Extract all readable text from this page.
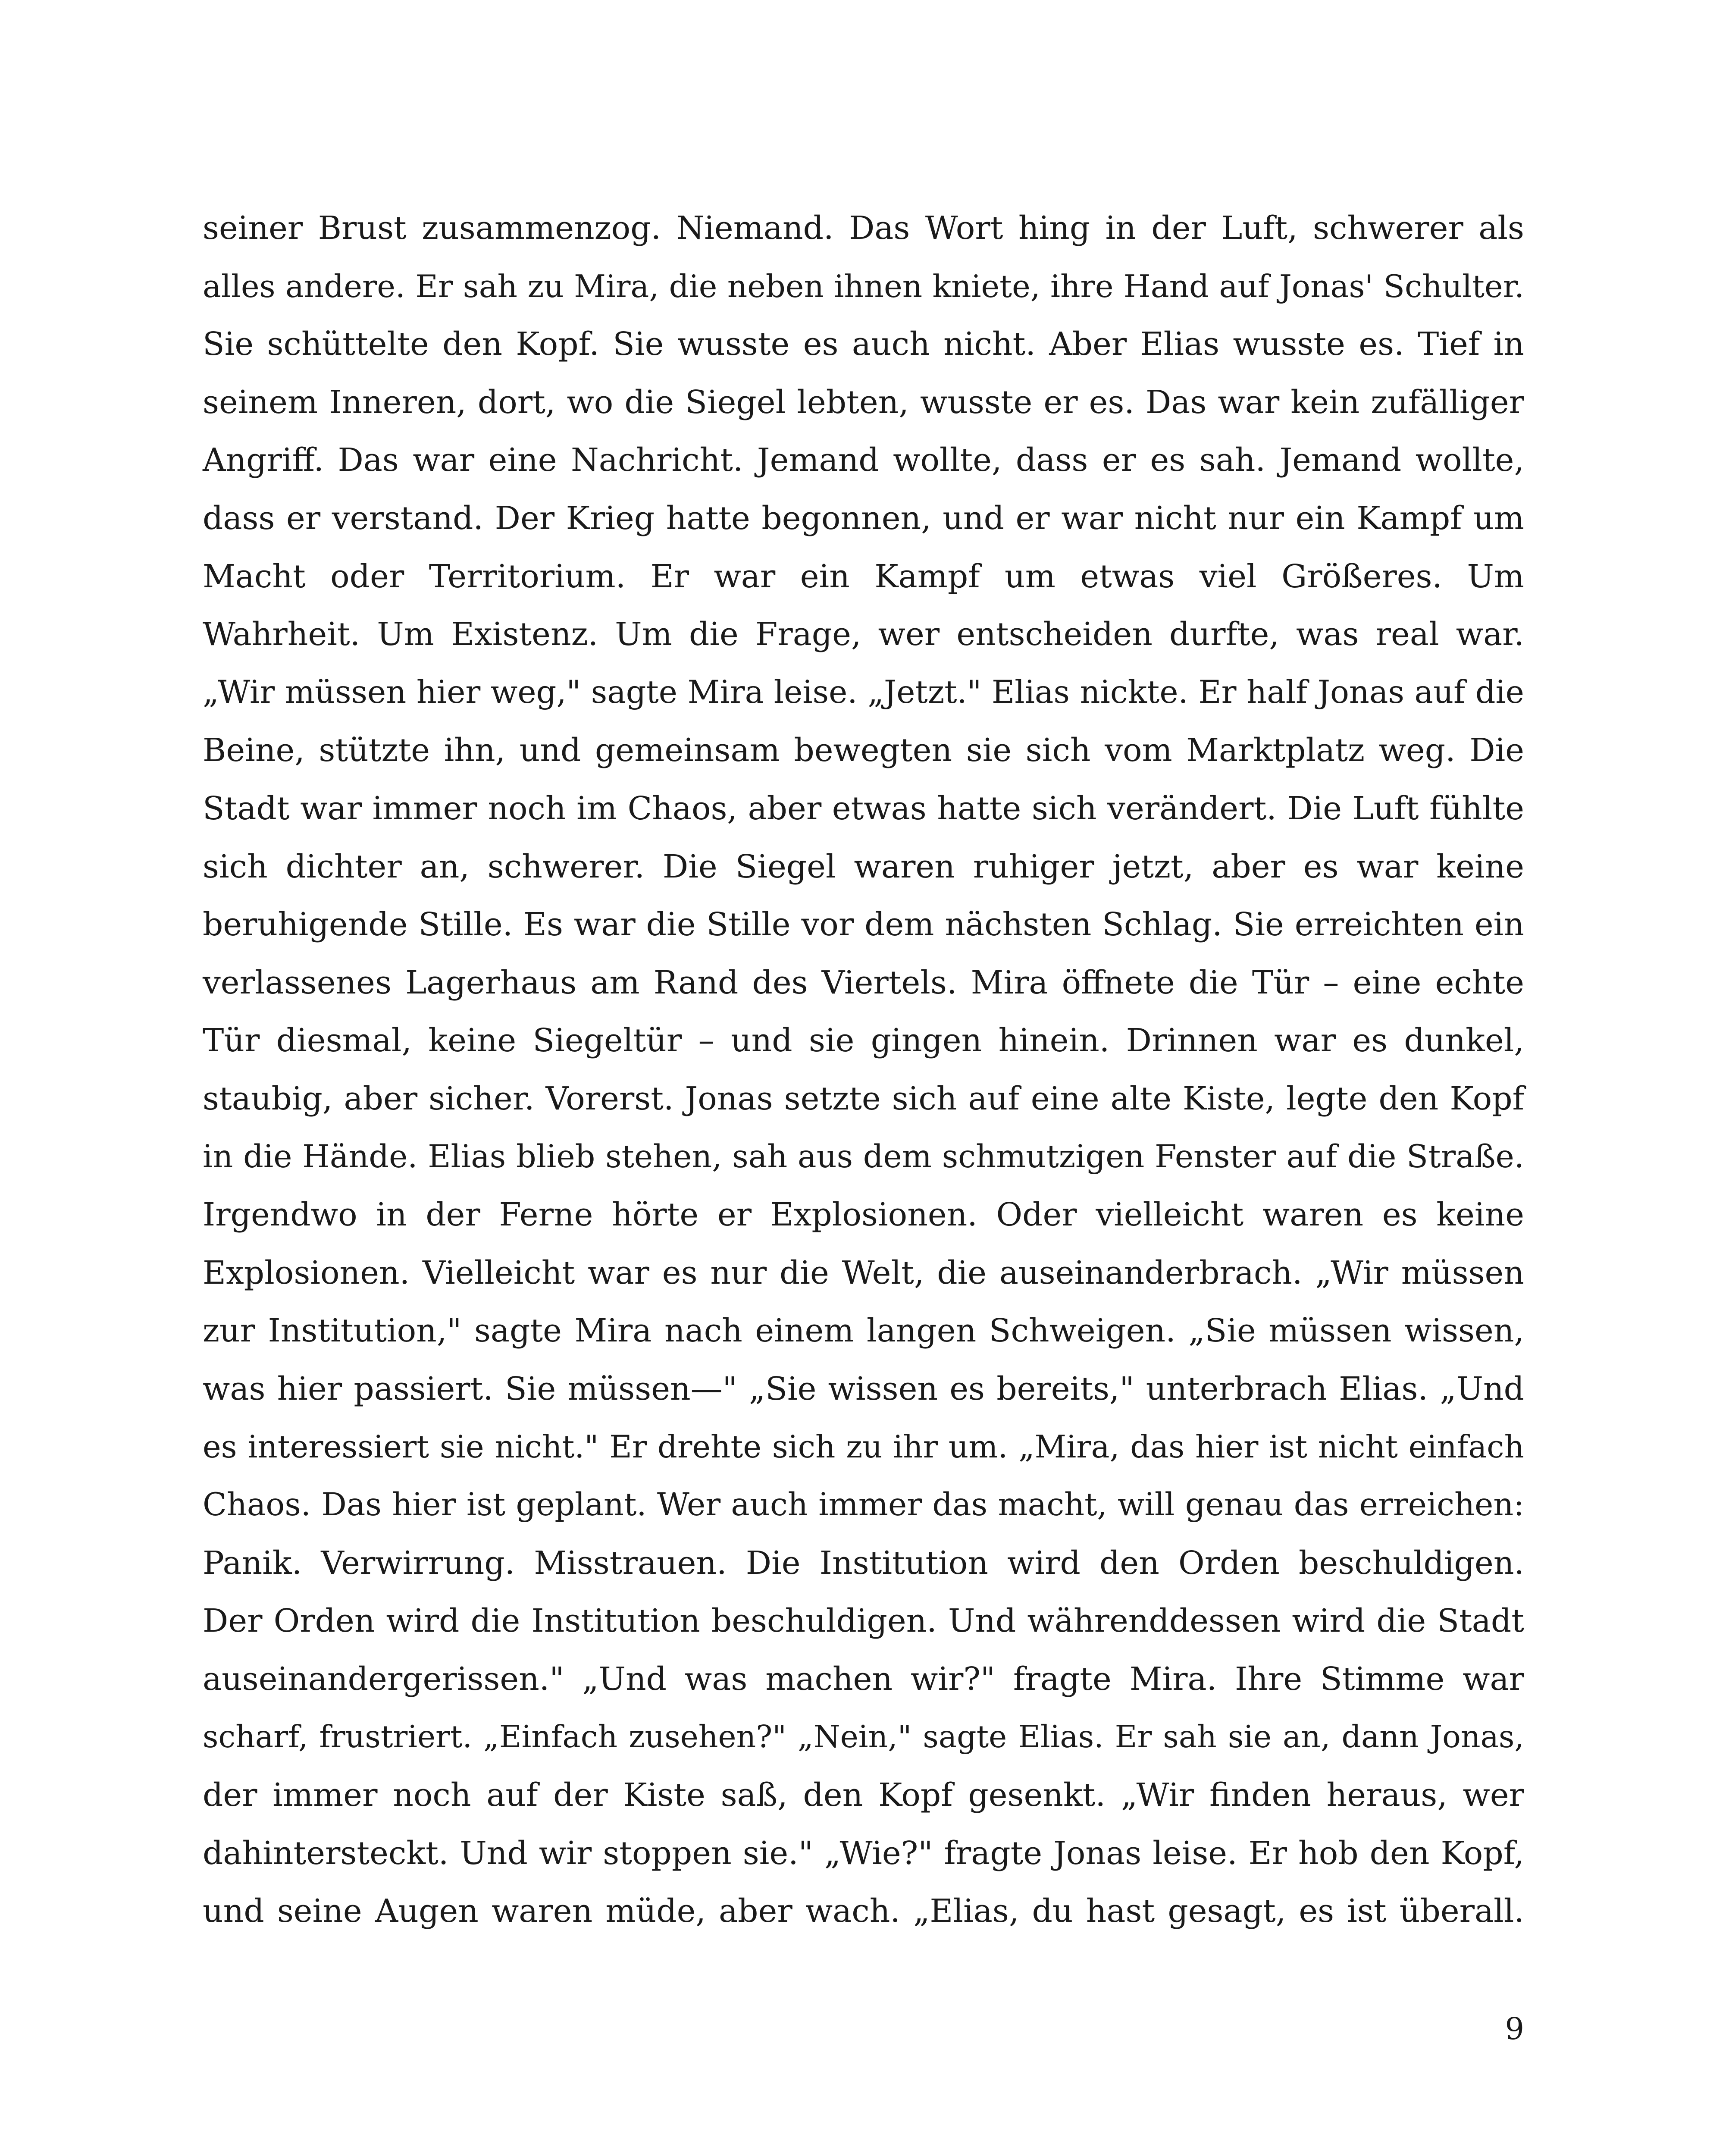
seiner Brust zusammenzog. Niemand. Das Wort hing in der Luft, schwerer als
alles andere. Er sah zu Mira, die neben ihnen kniete, ihre Hand auf Jonas' Schulter.
Sie schüttelte den Kopf. Sie wusste es auch nicht. Aber Elias wusste es. Tief in
seinem Inneren, dort, wo die Siegel lebten, wusste er es. Das war kein zufälliger
Angriff. Das war eine Nachricht. Jemand wollte, dass er es sah. Jemand wollte,
dass er verstand. Der Krieg hatte begonnen, und er war nicht nur ein Kampf um
Macht oder Territorium. Er war ein Kampf um etwas viel Größeres. Um
Wahrheit. Um Existenz. Um die Frage, wer entscheiden durfte, was real war.
„Wir müssen hier weg," sagte Mira leise. „Jetzt." Elias nickte. Er half Jonas auf die
Beine, stützte ihn, und gemeinsam bewegten sie sich vom Marktplatz weg. Die
Stadt war immer noch im Chaos, aber etwas hatte sich verändert. Die Luft fühlte
sich dichter an, schwerer. Die Siegel waren ruhiger jetzt, aber es war keine
beruhigende Stille. Es war die Stille vor dem nächsten Schlag. Sie erreichten ein
verlassenes Lagerhaus am Rand des Viertels. Mira öffnete die Tür – eine echte
Tür diesmal, keine Siegeltür – und sie gingen hinein. Drinnen war es dunkel,
staubig, aber sicher. Vorerst. Jonas setzte sich auf eine alte Kiste, legte den Kopf
in die Hände. Elias blieb stehen, sah aus dem schmutzigen Fenster auf die Straße.
Irgendwo in der Ferne hörte er Explosionen. Oder vielleicht waren es keine
Explosionen. Vielleicht war es nur die Welt, die auseinanderbrach. „Wir müssen
zur Institution," sagte Mira nach einem langen Schweigen. „Sie müssen wissen,
was hier passiert. Sie müssen—" „Sie wissen es bereits," unterbrach Elias. „Und
es interessiert sie nicht." Er drehte sich zu ihr um. „Mira, das hier ist nicht einfach
Chaos. Das hier ist geplant. Wer auch immer das macht, will genau das erreichen:
Panik. Verwirrung. Misstrauen. Die Institution wird den Orden beschuldigen.
Der Orden wird die Institution beschuldigen. Und währenddessen wird die Stadt
auseinandergerissen." „Und was machen wir?" fragte Mira. Ihre Stimme war
scharf, frustriert. „Einfach zusehen?" „Nein," sagte Elias. Er sah sie an, dann Jonas,
der immer noch auf der Kiste saß, den Kopf gesenkt. „Wir finden heraus, wer
dahintersteckt. Und wir stoppen sie." „Wie?" fragte Jonas leise. Er hob den Kopf,
und seine Augen waren müde, aber wach. „Elias, du hast gesagt, es ist überall.
9
